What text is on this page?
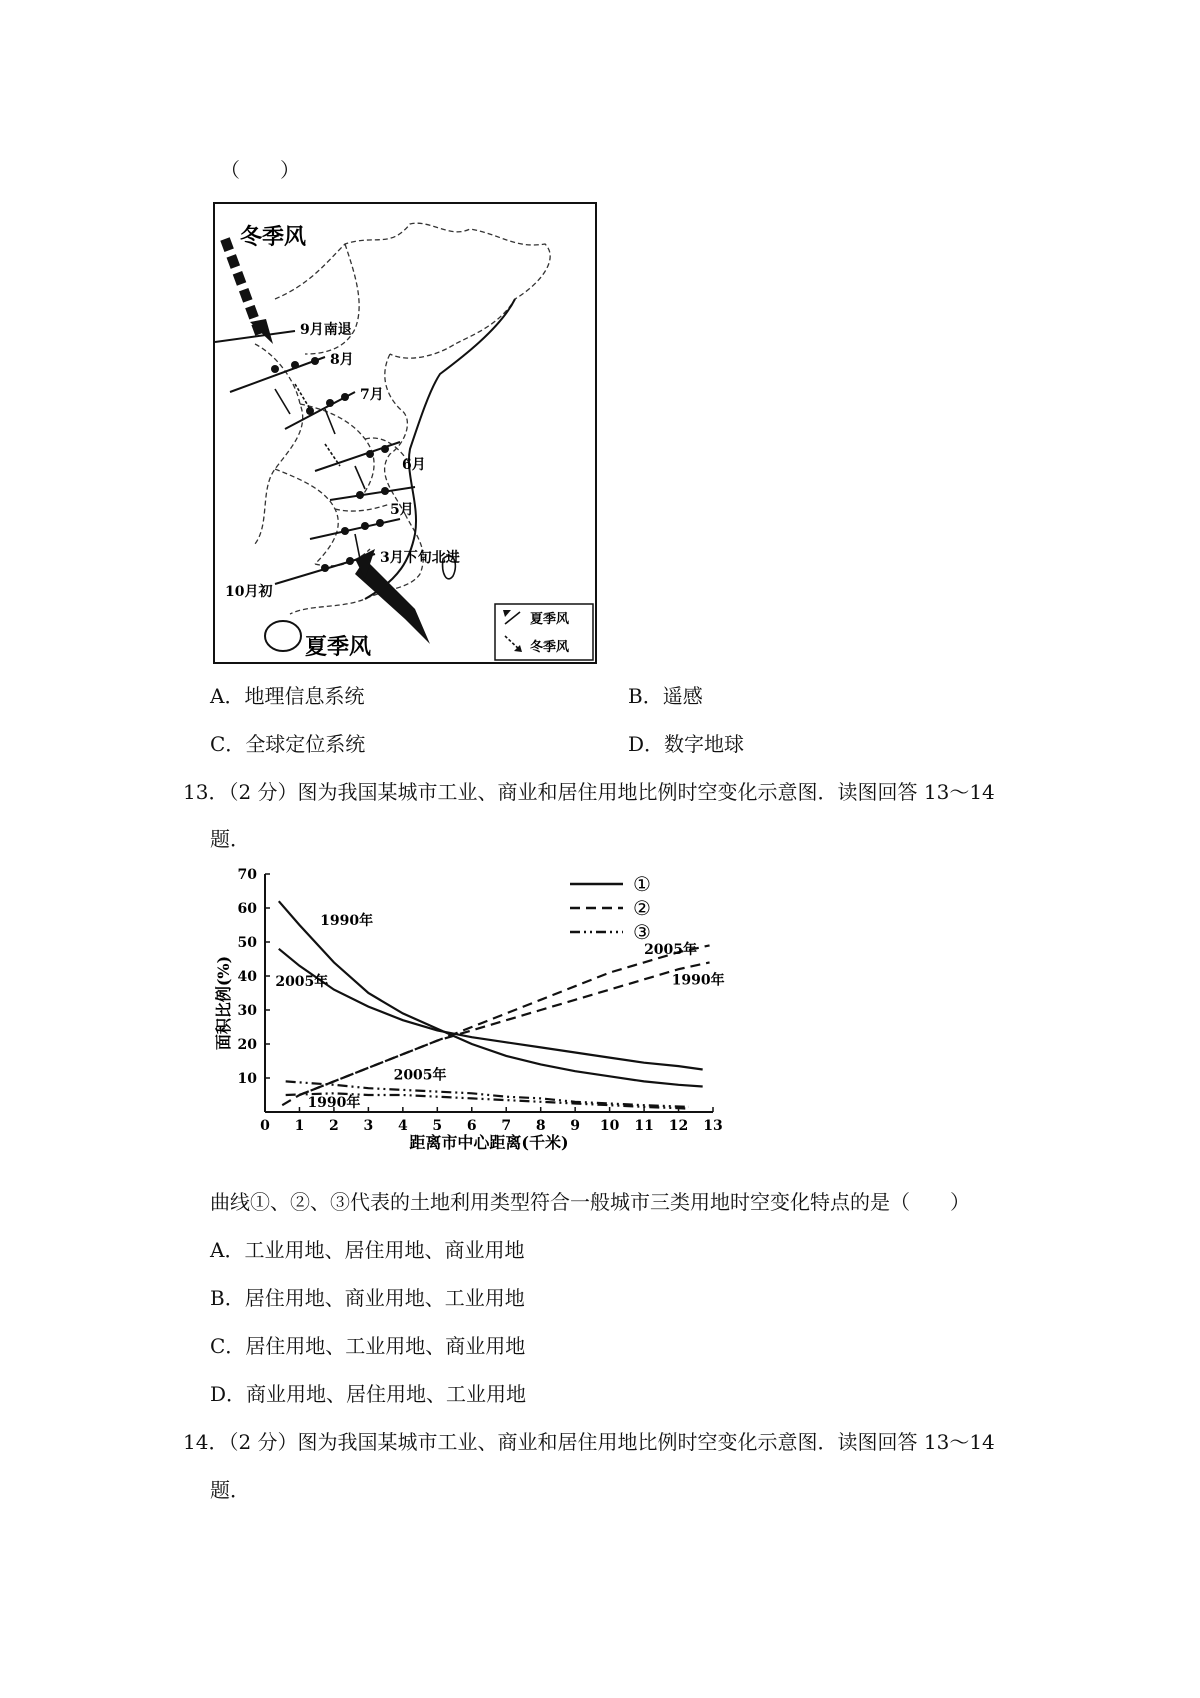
（　　）
冬季风
夏季风
9月南退
8月
7月
6月
5月
3月下旬北进
10月初
夏季风
冬季风
A．地理信息系统	B．遥感
C．全球定位系统	D．数字地球
13．（2 分）图为我国某城市工业、商业和居住用地比例时空变化示意图．读图回答 13～14
题．
0 1 2 3 4 5 6 7 8 9 10 11 12 13
10
20
30
40
50
60
70
距离市中心距离(千米)
面积比例(%)
1990年
2005年
2005年
1990年
2005年
1990年
①
②
③
曲线①、②、③代表的土地利用类型符合一般城市三类用地时空变化特点的是（　　）
A．工业用地、居住用地、商业用地
B．居住用地、商业用地、工业用地
C．居住用地、工业用地、商业用地
D．商业用地、居住用地、工业用地
14．（2 分）图为我国某城市工业、商业和居住用地比例时空变化示意图．读图回答 13～14
题．
